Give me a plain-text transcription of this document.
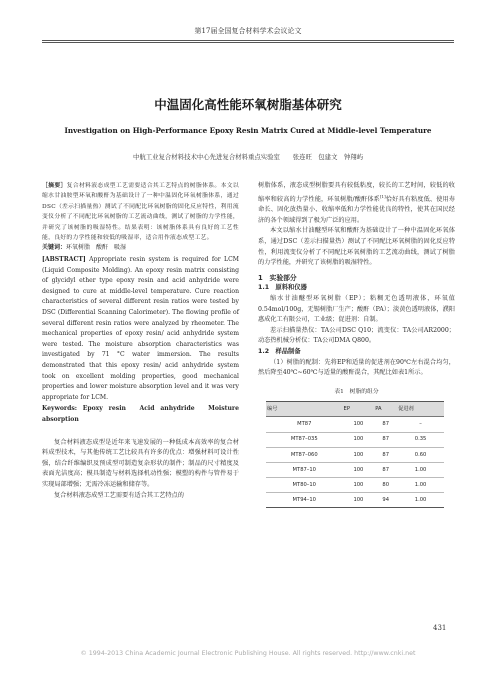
第17届全国复合材料学术会议论文
中温固化高性能环氧树脂基体研究
Investigation on High-Performance Epoxy Resin Matrix Cured at Middle-level Temperature
中航工业复合材料技术中心先进复合材料重点实验室　　张连旺　包建文　钟翔屿

［摘要］复合材料液态成型工艺需要适合其工艺特点的树脂体系。本文以缩水甘油胺型环氧和酸酐为基础设计了一种中温固化环氧树脂体系，通过DSC（差示扫描量热）测试了不同配比环氧树脂的固化反应特性，利用流变仪分析了不同配比环氧树脂的工艺流动曲线，测试了树脂的力学性能，并研究了该树脂的吸湿特性。结果表明：该树脂体系具有良好的工艺性能，良好的力学性能和较低的吸湿率，适合用作液态成型工艺。

关键词：环氧树脂　酸酐　吸湿

[ABSTRACT] Appropriate resin system is required for LCM (Liquid Composite Molding). An epoxy resin matrix consisting of glycidyl ether type epoxy resin and acid anhydride were designed to cure at middle-level temperature. Cure reaction characteristics of several different resin ratios were tested by DSC (Differential Scanning Calorimeter). The flowing profile of several different resin ratios were analyzed by rheometer. The mechanical properties of epoxy resin/ acid anhydride system were tested. The moisture absorption characteristics was investigated by 71 °C water immersion. The results demonstrated that this epoxy resin/ acid anhydride system took on excellent molding properties, good mechanical properties and lower moisture absorption level and it was very appropriate for LCM.

Keywords: Epoxy resin　Acid anhydride　Moisture absorption

复合材料液态成型是近年来飞速发展的一种低成本高效率的复合材料成型技术，与其他传统工艺比较具有许多的优点：增强材料可设计性强，结合纤维编织及预成型可制造复杂形状的制件；制品的尺寸精度及表面光洁度高；模具制造与材料选择机动性强；模塑的构件与管件易于实现局部增强；无需冷冻运输和储存等。

复合材料液态成型工艺需要有适合其工艺特点的

树脂体系，液态成型树脂要具有较低粘度，较长的工艺时间，较低的收缩率和较高的力学性能，环氧树脂/酸酐体系[1]恰好具有粘度低、使用寿命长、固化放热量小、收缩率低和力学性能优良的特性，使其在国民经济的各个领域得到了极为广泛的应用。

本文以缩水甘油醚型环氧和酸酐为基础设计了一种中温固化环氧体系，通过DSC（差示扫描量热）测试了不同配比环氧树脂的固化反应特性，利用流变仪分析了不同配比环氧树脂的工艺流动曲线，测试了树脂的力学性能，并研究了该树脂的吸湿特性。

1　实验部分

1.1　原料和仪器

缩水甘油醚型环氧树脂（EP）；粘稠无色透明液体，环氧值0.54mol/100g，无锡树脂厂生产；酸酐（PA）；淡黄色透明液体，濮阳惠成化工有限公司，工业级；促进剂：自制。

差示扫描量热仪：TA公司DSC Q10；流变仪：TA公司AR2000；动态热机械分析仪：TA公司DMA Q800。

1.2　样品制备

（1）树脂的配制：先将EP和适量的促进剂在90℃左右混合均匀，然后降至40℃~60℃与适量的酸酐混合，其配比如表1所示。

表1　树脂的组分
编号	EP	PA	促进剂
MT87	100	87	–
MT87–035	100	87	0.35
MT87–060	100	87	0.60
MT87–10	100	87	1.00
MT80–10	100	80	1.00
MT94–10	100	94	1.00
431
© 1994-2013 China Academic Journal Electronic Publishing House. All rights reserved. http://www.cnki.net
